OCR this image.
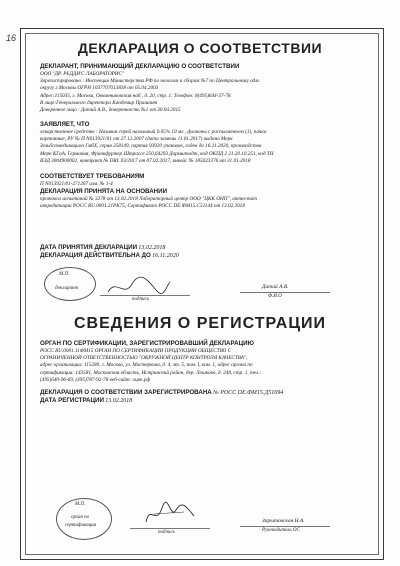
16
ДЕКЛАРАЦИЯ О СООТВЕТСТВИИ
ДЕКЛАРАНТ, ПРИНИМАЮЩИЙ ДЕКЛАРАЦИЮ О СООТВЕТСТВИИ
ООО "ДР. РЕДДИ'С ЛАБОРАТОРИС"
Зарегистрировано : Инспекция Министерства РФ по налогам и сборам №7 по Центральному адм.
округу г.Москвы ОГРН 1037707013838 от 05.04.2003
Адрес:115035, г. Москва, Овчинниковская наб., д. 20, стр. 1. Телефон: 8(495)644-37-78.
В лице:Генерального директора Кандемир Прашант
Доверенное лицо : Датий А.В., доверенность №1 от 30.04.2015
ЗАЯВЛЯЕТ, ЧТО
лекарственное средство : Називин спрей назальный 0.05% 10 мл , флаконы с распылителем (1), пачки
картонные, РУ № П N013921/01 от 27.12.2007 (дата замены 11.01.2017) выдано Мерк
Зельбстмедикацион ГмбХ, серия 258149, партия 93920 упаковок, годен до 16.11.2020, производства
Мерк КГаА, Германия, Франкфуртер Штрассе 250,64293 Дармштадт, код ОКПД 2 21.20.10.251, код ТН
ВЭД 3004900002, контракт № DRL 03/2017 от 07.02.2017, инвойс № 185023376 от 31.01.2018
СООТВЕТСТВУЕТ ТРЕБОВАНИЯМ
П N013921/01-271207 изм. № 1-4
ДЕКЛАРАЦИЯ ПРИНЯТА НА ОСНОВАНИИ
протокол испытаний № 3278 от 13.02.2018 Лабораторный центр ООО "ЦКК ОНП", аттестат
аккредитации РОСС RU.0001.21РК75, Сертификат РОСС DE.ФМ15.С51144 от 13.02.2018
ДАТА ПРИНЯТИЯ ДЕКЛАРАЦИИ 13.02.2018
ДЕКЛАРАЦИЯ ДЕЙСТВИТЕЛЬНА ДО 16.11.2020
М.П.
декларант
подпись
Датий А.В.
Ф.И.О
СВЕДЕНИЯ О РЕГИСТРАЦИИ
ОРГАН ПО СЕРТИФИКАЦИИ, ЗАРЕГИСТРИРОВАВШИЙ ДЕКЛАРАЦИЮ
РОСС RU.0001.11ФМ15 ОРГАН ПО СЕРТИФИКАЦИИ ПРОДУКЦИИ ОБЩЕСТВО С
ОГРАНИЧЕННОЙ ОТВЕТСТВЕННОСТЬЮ "ОКРУЖНОЙ ЦЕНТР КОНТРОЛЯ КАЧЕСТВА",
адрес организации: 115280, г. Москва, ул. Мастеркова, д. 4, эт. 5, пом. I, ком. 1, адрес органа по
сертификации: 143581, Московская область, Истринский район, дер. Лешково, д. 248, стр. 1, тел.:
(495)640-96-69, (495)787-92-78 веб-сайт: оцкк.рф
ДЕКЛАРАЦИЯ О СООТВЕТСТВИИ ЗАРЕГИСТРИРОВАНА № РОСС DE.ФМ15.Д51694
ДАТА РЕГИСТРАЦИИ 13.02.2018
М.П.
орган по
сертификации
подпись
Зарытовская Н.А.
Руководитель ОС
